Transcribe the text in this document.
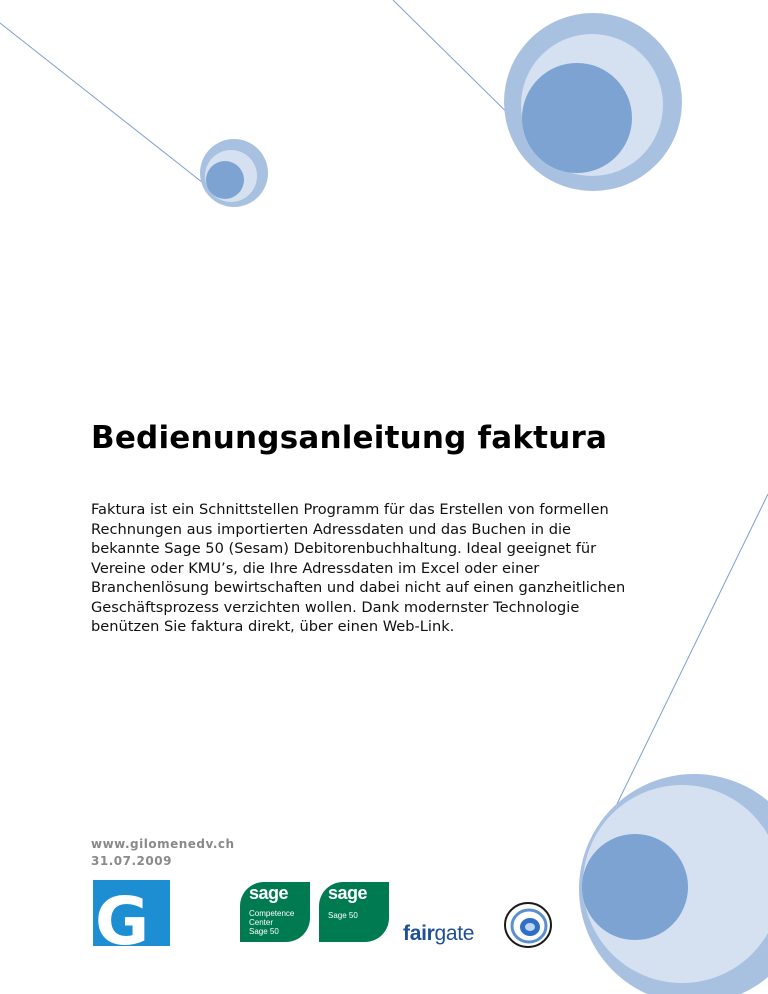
Bedienungsanleitung faktura
Faktura ist ein Schnittstellen Programm für das Erstellen von formellen
Rechnungen aus importierten Adressdaten und das Buchen in die
bekannte Sage 50 (Sesam) Debitorenbuchhaltung. Ideal geeignet für
Vereine oder KMU’s, die Ihre Adressdaten im Excel oder einer
Branchenlösung bewirtschaften und dabei nicht auf einen ganzheitlichen
Geschäftsprozess verzichten wollen. Dank modernster Technologie
benützen Sie faktura direkt, über einen Web-Link.
www.gilomenedv.ch
31.07.2009
G	sage
Competence
Center
Sage 50
sage
Sage 50
fairgate
